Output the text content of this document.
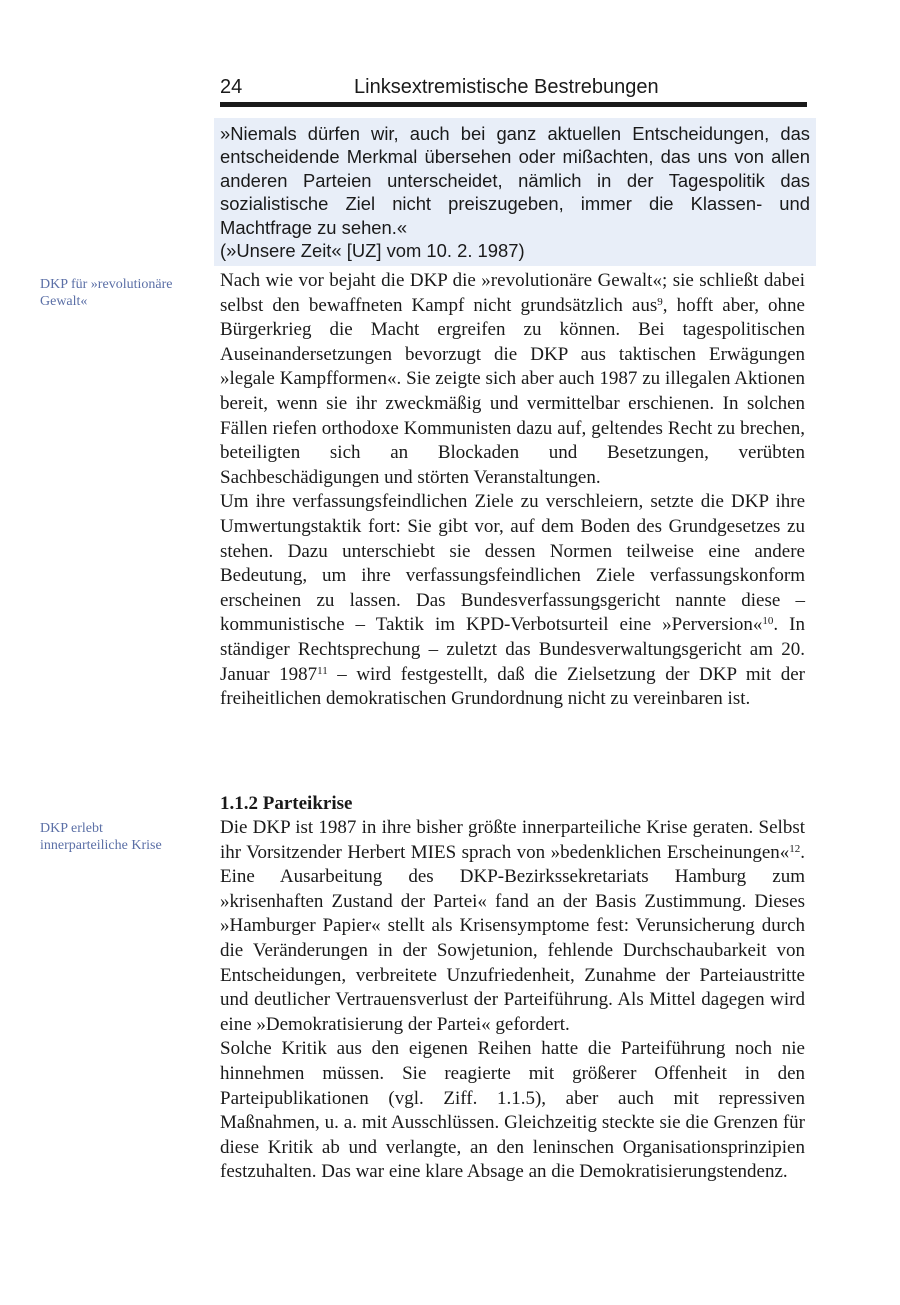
24	Linksextremistische Bestrebungen

»Niemals dürfen wir, auch bei ganz aktuellen Entscheidungen, das entscheidende Merkmal übersehen oder mißachten, das uns von allen anderen Parteien unterscheidet, nämlich in der Tagespolitik das sozialistische Ziel nicht preiszugeben, immer die Klassen- und Machtfrage zu sehen.«

(»Unsere Zeit« [UZ] vom 10. 2. 1987)

DKP für »revolutionäre Gewalt«

Nach wie vor bejaht die DKP die »revolutionäre Gewalt«; sie schließt dabei selbst den bewaffneten Kampf nicht grundsätzlich aus$^9$, hofft aber, ohne Bürgerkrieg die Macht ergreifen zu können. Bei tagespolitischen Auseinandersetzungen bevorzugt die DKP aus taktischen Erwägungen »legale Kampfformen«. Sie zeigte sich aber auch 1987 zu illegalen Aktionen bereit, wenn sie ihr zweckmäßig und vermittelbar erschienen. In solchen Fällen riefen orthodoxe Kommunisten dazu auf, geltendes Recht zu brechen, beteiligten sich an Blockaden und Besetzungen, verübten Sachbeschädigungen und störten Veranstaltungen.

Um ihre verfassungsfeindlichen Ziele zu verschleiern, setzte die DKP ihre Umwertungstaktik fort: Sie gibt vor, auf dem Boden des Grundgesetzes zu stehen. Dazu unterschiebt sie dessen Normen teilweise eine andere Bedeutung, um ihre verfassungsfeindlichen Ziele verfassungskonform erscheinen zu lassen. Das Bundesverfassungsgericht nannte diese – kommunistische – Taktik im KPD-Verbotsurteil eine »Perversion«$^{10}$. In ständiger Rechtsprechung – zuletzt das Bundesverwaltungsgericht am 20. Januar 1987$^{11}$ – wird festgestellt, daß die Zielsetzung der DKP mit der freiheitlichen demokratischen Grundordnung nicht zu vereinbaren ist.

1.1.2 Parteikrise
DKP erlebt innerparteiliche Krise

Die DKP ist 1987 in ihre bisher größte innerparteiliche Krise geraten. Selbst ihr Vorsitzender Herbert MIES sprach von »bedenklichen Erscheinungen«$^{12}$. Eine Ausarbeitung des DKP-Bezirkssekretariats Hamburg zum »krisenhaften Zustand der Partei« fand an der Basis Zustimmung. Dieses »Hamburger Papier« stellt als Krisensymptome fest: Verunsicherung durch die Veränderungen in der Sowjetunion, fehlende Durchschaubarkeit von Entscheidungen, verbreitete Unzufriedenheit, Zunahme der Parteiaustritte und deutlicher Vertrauensverlust der Parteiführung. Als Mittel dagegen wird eine »Demokratisierung der Partei« gefordert.

Solche Kritik aus den eigenen Reihen hatte die Parteiführung noch nie hinnehmen müssen. Sie reagierte mit größerer Offenheit in den Parteipublikationen (vgl. Ziff. 1.1.5), aber auch mit repressiven Maßnahmen, u. a. mit Ausschlüssen. Gleichzeitig steckte sie die Grenzen für diese Kritik ab und verlangte, an den leninschen Organisationsprinzipien festzuhalten. Das war eine klare Absage an die Demokratisierungstendenz.
